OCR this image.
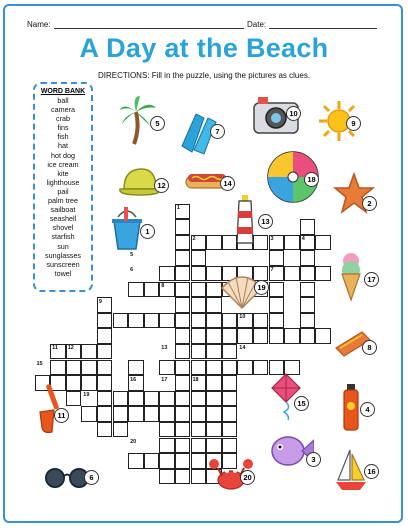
Name:	Date:
A Day at the Beach
DIRECTIONS: Fill in the puzzle, using the pictures as clues.
WORD BANK
ball
camera
crab
fins
fish
hat
hot dog
ice cream
kite
lighthouse
pail
palm tree
sailboat
seashell
shovel
starfish
sun
sunglasses
sunscreen
towel
1
2	3	4
5
6	7
8
9
10
11 12	13	14
15
16	17	18
19
20
1
2
3
4
5
6
7
8
9
10
11
12
13
14
15
16
17
18
19
20
